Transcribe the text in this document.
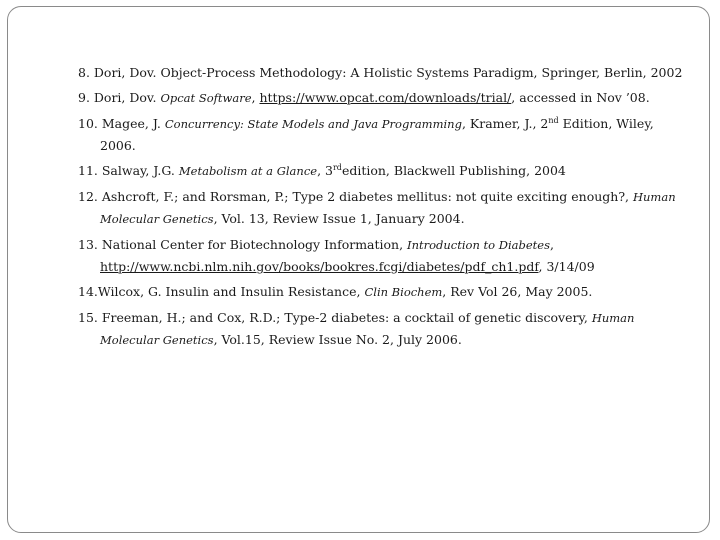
8. Dori, Dov. Object-Process Methodology: A Holistic Systems Paradigm, Springer, Berlin, 2002

9. Dori, Dov. Opcat Software, https://www.opcat.com/downloads/trial/, accessed in Nov ’08.

10. Magee, J. Concurrency: State Models and Java Programming, Kramer, J., 2nd Edition, Wiley, 2006.

11. Salway, J.G. Metabolism at a Glance, 3rdedition, Blackwell Publishing, 2004

12. Ashcroft, F.; and Rorsman, P.; Type 2 diabetes mellitus: not quite exciting enough?, Human Molecular Genetics, Vol. 13, Review Issue 1, January 2004.

13. National Center for Biotechnology Information, Introduction to Diabetes, http://www.ncbi.nlm.nih.gov/books/bookres.fcgi/diabetes/pdf_ch1.pdf, 3/14/09

14.Wilcox, G. Insulin and Insulin Resistance, Clin Biochem, Rev Vol 26, May 2005.

15. Freeman, H.; and Cox, R.D.; Type-2 diabetes: a cocktail of genetic discovery, Human Molecular Genetics, Vol.15, Review Issue No. 2, July 2006.
